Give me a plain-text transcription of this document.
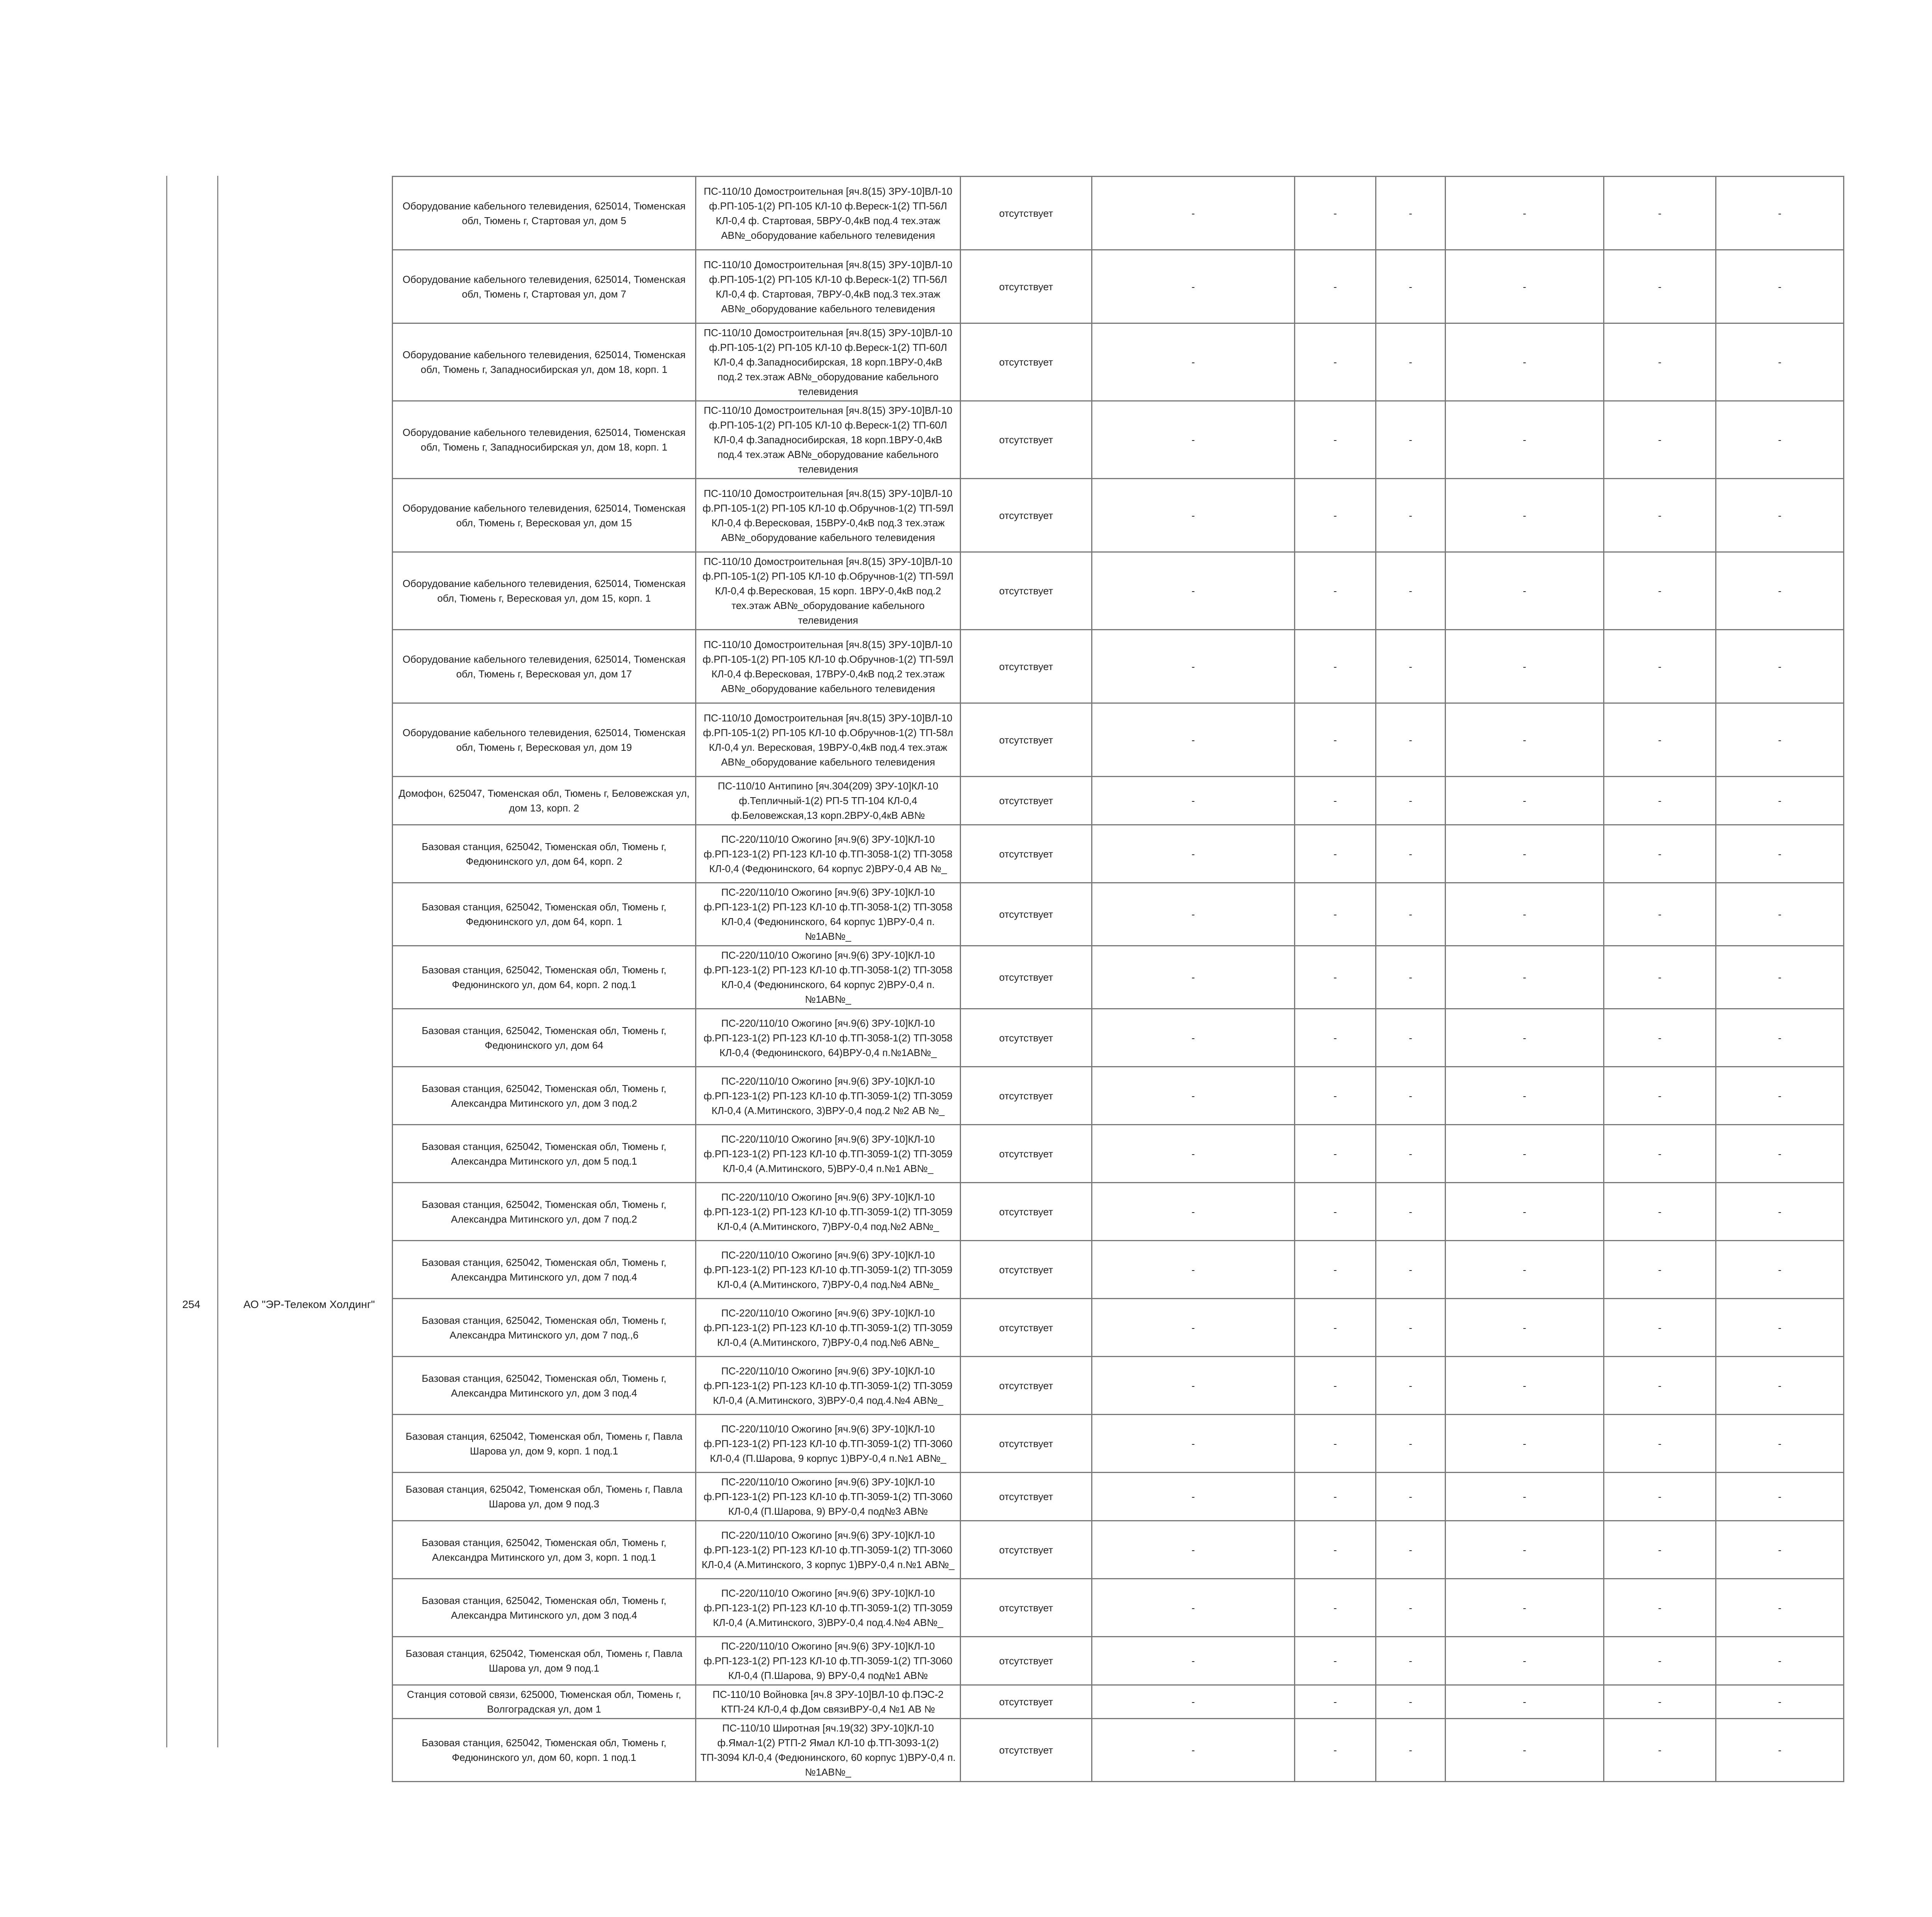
254	АО "ЭР-Телеком Холдинг"
Оборудование кабельного телевидения, 625014, Тюменская обл, Тюмень г, Стартовая ул, дом 5	ПС-110/10 Домостроительная [яч.8(15) ЗРУ-10]ВЛ-10 ф.РП-105-1(2) РП-105 КЛ-10 ф.Вереск-1(2) ТП-56Л КЛ-0,4 ф. Стартовая, 5ВРУ-0,4кВ под.4 тех.этаж АВ№_оборудование кабельного телевидения	отсутствует	-	-	-	-	-	-
Оборудование кабельного телевидения, 625014, Тюменская обл, Тюмень г, Стартовая ул, дом 7	ПС-110/10 Домостроительная [яч.8(15) ЗРУ-10]ВЛ-10 ф.РП-105-1(2) РП-105 КЛ-10 ф.Вереск-1(2) ТП-56Л КЛ-0,4 ф. Стартовая, 7ВРУ-0,4кВ под.3 тех.этаж АВ№_оборудование кабельного телевидения	отсутствует	-	-	-	-	-	-
Оборудование кабельного телевидения, 625014, Тюменская обл, Тюмень г, Западносибирская ул, дом 18, корп. 1	ПС-110/10 Домостроительная [яч.8(15) ЗРУ-10]ВЛ-10 ф.РП-105-1(2) РП-105 КЛ-10 ф.Вереск-1(2) ТП-60Л КЛ-0,4 ф.Западносибирская, 18 корп.1ВРУ-0,4кВ под.2 тех.этаж АВ№_оборудование кабельного телевидения	отсутствует	-	-	-	-	-	-
Оборудование кабельного телевидения, 625014, Тюменская обл, Тюмень г, Западносибирская ул, дом 18, корп. 1	ПС-110/10 Домостроительная [яч.8(15) ЗРУ-10]ВЛ-10 ф.РП-105-1(2) РП-105 КЛ-10 ф.Вереск-1(2) ТП-60Л КЛ-0,4 ф.Западносибирская, 18 корп.1ВРУ-0,4кВ под.4 тех.этаж АВ№_оборудование кабельного телевидения	отсутствует	-	-	-	-	-	-
Оборудование кабельного телевидения, 625014, Тюменская обл, Тюмень г, Вересковая ул, дом 15	ПС-110/10 Домостроительная [яч.8(15) ЗРУ-10]ВЛ-10 ф.РП-105-1(2) РП-105 КЛ-10 ф.Обручнов-1(2) ТП-59Л КЛ-0,4 ф.Вересковая, 15ВРУ-0,4кВ под.3 тех.этаж АВ№_оборудование кабельного телевидения	отсутствует	-	-	-	-	-	-
Оборудование кабельного телевидения, 625014, Тюменская обл, Тюмень г, Вересковая ул, дом 15, корп. 1	ПС-110/10 Домостроительная [яч.8(15) ЗРУ-10]ВЛ-10 ф.РП-105-1(2) РП-105 КЛ-10 ф.Обручнов-1(2) ТП-59Л КЛ-0,4 ф.Вересковая, 15 корп. 1ВРУ-0,4кВ под.2 тех.этаж АВ№_оборудование кабельного телевидения	отсутствует	-	-	-	-	-	-
Оборудование кабельного телевидения, 625014, Тюменская обл, Тюмень г, Вересковая ул, дом 17	ПС-110/10 Домостроительная [яч.8(15) ЗРУ-10]ВЛ-10 ф.РП-105-1(2) РП-105 КЛ-10 ф.Обручнов-1(2) ТП-59Л КЛ-0,4 ф.Вересковая, 17ВРУ-0,4кВ под.2 тех.этаж АВ№_оборудование кабельного телевидения	отсутствует	-	-	-	-	-	-
Оборудование кабельного телевидения, 625014, Тюменская обл, Тюмень г, Вересковая ул, дом 19	ПС-110/10 Домостроительная [яч.8(15) ЗРУ-10]ВЛ-10 ф.РП-105-1(2) РП-105 КЛ-10 ф.Обручнов-1(2) ТП-58л КЛ-0,4 ул. Вересковая, 19ВРУ-0,4кВ под.4 тех.этаж АВ№_оборудование кабельного телевидения	отсутствует	-	-	-	-	-	-
Домофон, 625047, Тюменская обл, Тюмень г, Беловежская ул, дом 13, корп. 2	ПС-110/10 Антипино [яч.304(209) ЗРУ-10]КЛ-10 ф.Тепличный-1(2) РП-5 ТП-104 КЛ-0,4 ф.Беловежская,13 корп.2ВРУ-0,4кВ АВ№	отсутствует	-	-	-	-	-	-
Базовая станция, 625042, Тюменская обл, Тюмень г, Федюнинского ул, дом 64, корп. 2	ПС-220/110/10 Ожогино [яч.9(6) ЗРУ-10]КЛ-10 ф.РП-123-1(2) РП-123 КЛ-10 ф.ТП-3058-1(2) ТП-3058 КЛ-0,4 (Федюнинского, 64 корпус 2)ВРУ-0,4 АВ №_	отсутствует	-	-	-	-	-	-
Базовая станция, 625042, Тюменская обл, Тюмень г, Федюнинского ул, дом 64, корп. 1	ПС-220/110/10 Ожогино [яч.9(6) ЗРУ-10]КЛ-10 ф.РП-123-1(2) РП-123 КЛ-10 ф.ТП-3058-1(2) ТП-3058 КЛ-0,4 (Федюнинского, 64 корпус 1)ВРУ-0,4 п.№1АВ№_	отсутствует	-	-	-	-	-	-
Базовая станция, 625042, Тюменская обл, Тюмень г, Федюнинского ул, дом 64, корп. 2 под.1	ПС-220/110/10 Ожогино [яч.9(6) ЗРУ-10]КЛ-10 ф.РП-123-1(2) РП-123 КЛ-10 ф.ТП-3058-1(2) ТП-3058 КЛ-0,4 (Федюнинского, 64 корпус 2)ВРУ-0,4 п.№1АВ№_	отсутствует	-	-	-	-	-	-
Базовая станция, 625042, Тюменская обл, Тюмень г, Федюнинского ул, дом 64	ПС-220/110/10 Ожогино [яч.9(6) ЗРУ-10]КЛ-10 ф.РП-123-1(2) РП-123 КЛ-10 ф.ТП-3058-1(2) ТП-3058 КЛ-0,4 (Федюнинского, 64)ВРУ-0,4 п.№1АВ№_	отсутствует	-	-	-	-	-	-
Базовая станция, 625042, Тюменская обл, Тюмень г, Александра Митинского ул, дом 3 под.2	ПС-220/110/10 Ожогино [яч.9(6) ЗРУ-10]КЛ-10 ф.РП-123-1(2) РП-123 КЛ-10 ф.ТП-3059-1(2) ТП-3059 КЛ-0,4 (А.Митинского, 3)ВРУ-0,4 под.2 №2 АВ №_	отсутствует	-	-	-	-	-	-
Базовая станция, 625042, Тюменская обл, Тюмень г, Александра Митинского ул, дом 5 под.1	ПС-220/110/10 Ожогино [яч.9(6) ЗРУ-10]КЛ-10 ф.РП-123-1(2) РП-123 КЛ-10 ф.ТП-3059-1(2) ТП-3059 КЛ-0,4 (А.Митинского, 5)ВРУ-0,4 п.№1 АВ№_	отсутствует	-	-	-	-	-	-
Базовая станция, 625042, Тюменская обл, Тюмень г, Александра Митинского ул, дом 7 под.2	ПС-220/110/10 Ожогино [яч.9(6) ЗРУ-10]КЛ-10 ф.РП-123-1(2) РП-123 КЛ-10 ф.ТП-3059-1(2) ТП-3059 КЛ-0,4 (А.Митинского, 7)ВРУ-0,4 под.№2 АВ№_	отсутствует	-	-	-	-	-	-
Базовая станция, 625042, Тюменская обл, Тюмень г, Александра Митинского ул, дом 7 под.4	ПС-220/110/10 Ожогино [яч.9(6) ЗРУ-10]КЛ-10 ф.РП-123-1(2) РП-123 КЛ-10 ф.ТП-3059-1(2) ТП-3059 КЛ-0,4 (А.Митинского, 7)ВРУ-0,4 под.№4 АВ№_	отсутствует	-	-	-	-	-	-
Базовая станция, 625042, Тюменская обл, Тюмень г, Александра Митинского ул, дом 7 под.,6	ПС-220/110/10 Ожогино [яч.9(6) ЗРУ-10]КЛ-10 ф.РП-123-1(2) РП-123 КЛ-10 ф.ТП-3059-1(2) ТП-3059 КЛ-0,4 (А.Митинского, 7)ВРУ-0,4 под.№6 АВ№_	отсутствует	-	-	-	-	-	-
Базовая станция, 625042, Тюменская обл, Тюмень г, Александра Митинского ул, дом 3 под.4	ПС-220/110/10 Ожогино [яч.9(6) ЗРУ-10]КЛ-10 ф.РП-123-1(2) РП-123 КЛ-10 ф.ТП-3059-1(2) ТП-3059 КЛ-0,4 (А.Митинского, 3)ВРУ-0,4 под.4.№4 АВ№_	отсутствует	-	-	-	-	-	-
Базовая станция, 625042, Тюменская обл, Тюмень г, Павла Шарова ул, дом 9, корп. 1 под.1	ПС-220/110/10 Ожогино [яч.9(6) ЗРУ-10]КЛ-10 ф.РП-123-1(2) РП-123 КЛ-10 ф.ТП-3059-1(2) ТП-3060 КЛ-0,4 (П.Шарова, 9 корпус 1)ВРУ-0,4 п.№1 АВ№_	отсутствует	-	-	-	-	-	-
Базовая станция, 625042, Тюменская обл, Тюмень г, Павла Шарова ул, дом 9 под.3	ПС-220/110/10 Ожогино [яч.9(6) ЗРУ-10]КЛ-10 ф.РП-123-1(2) РП-123 КЛ-10 ф.ТП-3059-1(2) ТП-3060 КЛ-0,4 (П.Шарова, 9) ВРУ-0,4 под№3 АВ№	отсутствует	-	-	-	-	-	-
Базовая станция, 625042, Тюменская обл, Тюмень г, Александра Митинского ул, дом 3, корп. 1 под.1	ПС-220/110/10 Ожогино [яч.9(6) ЗРУ-10]КЛ-10 ф.РП-123-1(2) РП-123 КЛ-10 ф.ТП-3059-1(2) ТП-3060 КЛ-0,4 (А.Митинского, 3 корпус 1)ВРУ-0,4 п.№1 АВ№_	отсутствует	-	-	-	-	-	-
Базовая станция, 625042, Тюменская обл, Тюмень г, Александра Митинского ул, дом 3 под.4	ПС-220/110/10 Ожогино [яч.9(6) ЗРУ-10]КЛ-10 ф.РП-123-1(2) РП-123 КЛ-10 ф.ТП-3059-1(2) ТП-3059 КЛ-0,4 (А.Митинского, 3)ВРУ-0,4 под.4.№4 АВ№_	отсутствует	-	-	-	-	-	-
Базовая станция, 625042, Тюменская обл, Тюмень г, Павла Шарова ул, дом 9 под.1	ПС-220/110/10 Ожогино [яч.9(6) ЗРУ-10]КЛ-10 ф.РП-123-1(2) РП-123 КЛ-10 ф.ТП-3059-1(2) ТП-3060 КЛ-0,4 (П.Шарова, 9) ВРУ-0,4 под№1 АВ№	отсутствует	-	-	-	-	-	-
Станция сотовой связи, 625000, Тюменская обл, Тюмень г, Волгоградская ул, дом 1	ПС-110/10 Войновка [яч.8 ЗРУ-10]ВЛ-10 ф.ПЭС-2 КТП-24 КЛ-0,4 ф.Дом связиВРУ-0,4 №1 АВ №	отсутствует	-	-	-	-	-	-
Базовая станция, 625042, Тюменская обл, Тюмень г, Федюнинского ул, дом 60, корп. 1 под.1	ПС-110/10 Широтная [яч.19(32) ЗРУ-10]КЛ-10 ф.Ямал-1(2) РТП-2 Ямал КЛ-10 ф.ТП-3093-1(2) ТП-3094 КЛ-0,4 (Федюнинского, 60 корпус 1)ВРУ-0,4 п.№1АВ№_	отсутствует	-	-	-	-	-	-
